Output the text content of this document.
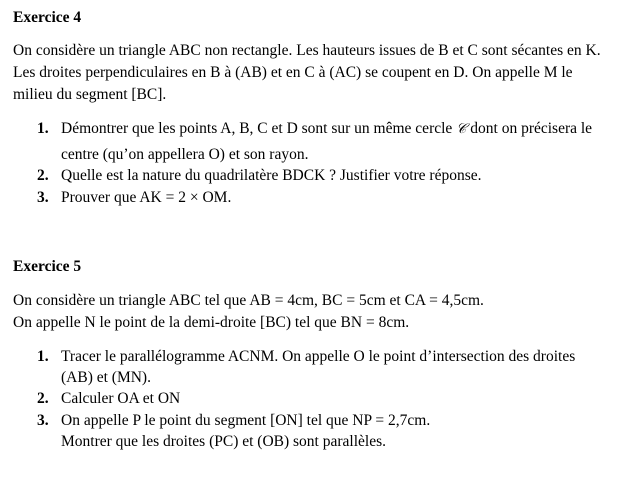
Exercice 4
On considère un triangle ABC non rectangle. Les hauteurs issues de B et C sont sécantes en K.
Les droites perpendiculaires en B à (AB) et en C à (AC) se coupent en D. On appelle M le
milieu du segment [BC].
1. Démontrer que les points A, B, C et D sont sur un même cercle 𝒞 dont on précisera le
centre (qu’on appellera O) et son rayon.
2. Quelle est la nature du quadrilatère BDCK ? Justifier votre réponse.
3. Prouver que AK = 2 × OM.
Exercice 5
On considère un triangle ABC tel que AB = 4cm, BC = 5cm et CA = 4,5cm.
On appelle N le point de la demi-droite [BC) tel que BN = 8cm.
1. Tracer le parallélogramme ACNM. On appelle O le point d’intersection des droites
(AB) et (MN).
2. Calculer OA et ON
3. On appelle P le point du segment [ON] tel que NP = 2,7cm.
Montrer que les droites (PC) et (OB) sont parallèles.
